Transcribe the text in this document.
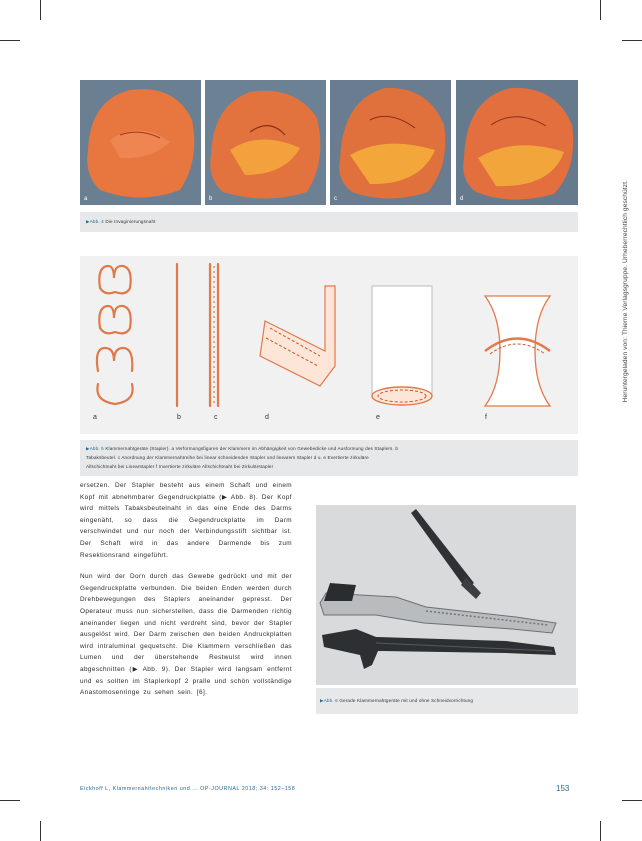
a	b	c	d
▶Abb. 4 Die Invaginierungsnaht
a	b	c	d	e	f
▶Abb. 5 Klammernahtgeräte (Stapler). a Verformungsfiguren der Klammern im Abhängigkeit von Gewebedicke und Ausformung des Staplers. b
Tabaksbeutel. c Anordnung der Klammernahtreihe bei linear schneidenden Stapler und linearem Stapler d u. e Evertierte zirkuläre
Allschichtnaht bei Linearstapler f Invertierte zirkuläre Allschichtnaht bei Zirkulärstapler

ersetzen. Der Stapler besteht aus einem Schaft und einem Kopf mit abnehmbarer Gegendruckplatte (▶ Abb. 8). Der Kopf wird mittels Tabaksbeutelnaht in das eine Ende des Darms eingenäht, so dass die Gegendruckplatte im Darm verschwindet und nur noch der Verbindungsstift sichtbar ist. Der Schaft wird in das andere Darmende bis zum Resektionsrand eingeführt.

Nun wird der Dorn durch das Gewebe gedrückt und mit der Gegendruckplatte verbunden. Die beiden Enden werden durch Drehbewegungen des Staplers aneinander gepresst. Der Operateur muss nun sicherstellen, dass die Darmenden richtig aneinander liegen und nicht verdreht sind, bevor der Stapler ausgelöst wird. Der Darm zwischen den beiden Andruckplatten wird intraluminal gequetscht. Die Klammern verschließen das Lumen und der überstehende Restwulst wird innen abgeschnitten (▶ Abb. 9). Der Stapler wird langsam entfernt und es sollten im Staplerkopf 2 pralle und schön vollständige Anastomosenringe zu sehen sein. [6].

▶Abb. 6 Gerade Klammernahtgeräte mit und ohne Schneidvorrichtung
Heruntergeladen von: Thieme Verlagsgruppe. Urheberrechtlich geschützt.
Eickhoff L, Klammernahttechniken und ... OP-JOURNAL 2018; 34: 152–158	153
